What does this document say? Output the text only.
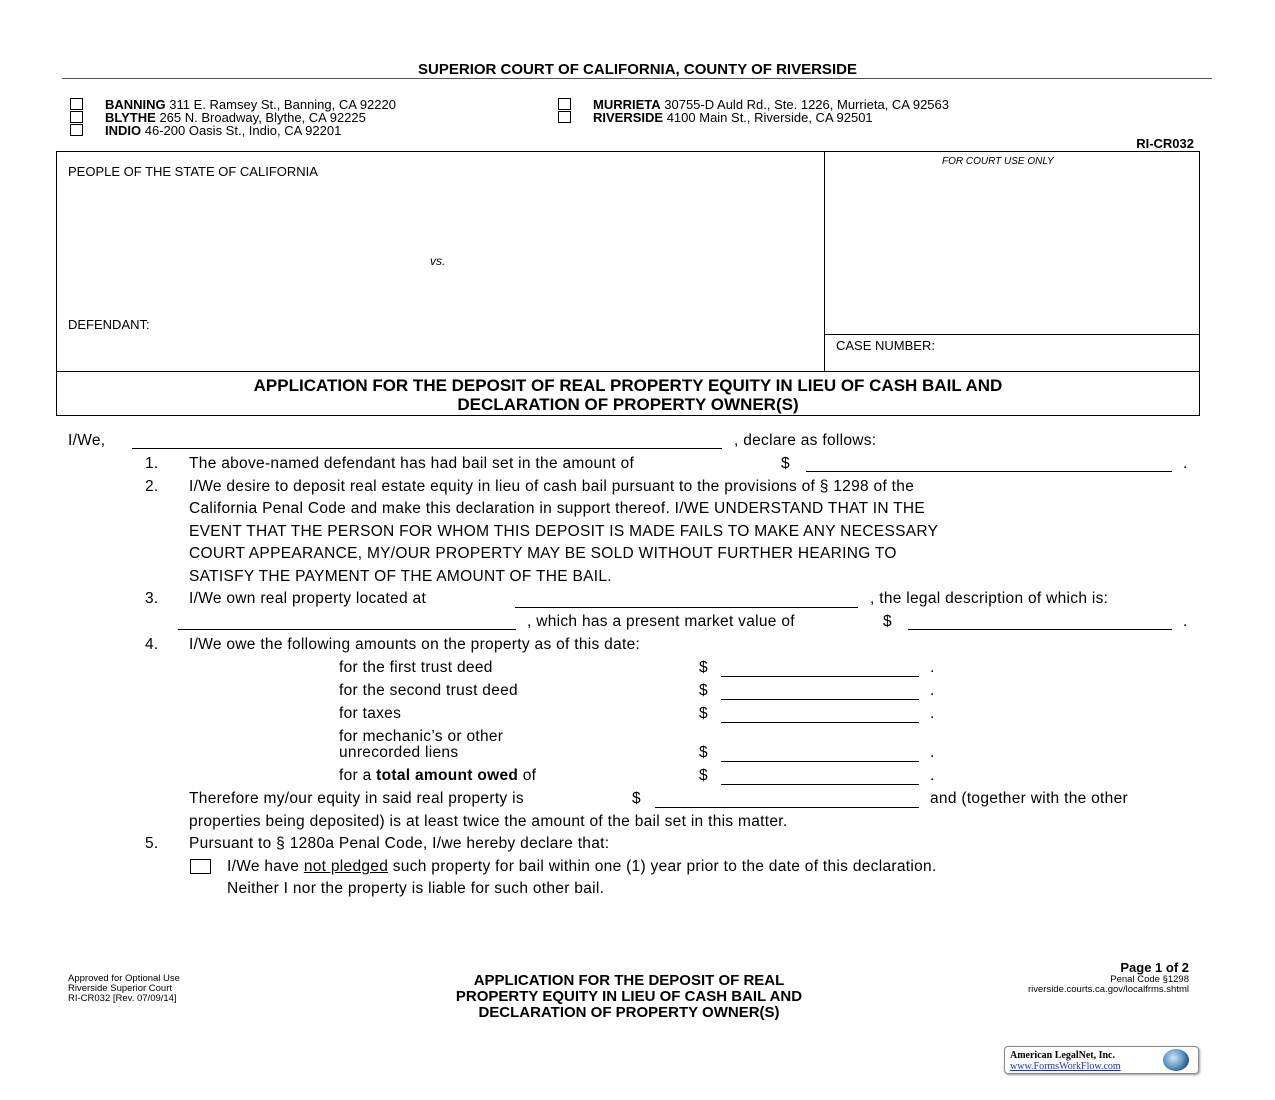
SUPERIOR COURT OF CALIFORNIA, COUNTY OF RIVERSIDE
BANNING 311 E. Ramsey St., Banning, CA 92220
BLYTHE 265 N. Broadway, Blythe, CA 92225
INDIO 46-200 Oasis St., Indio, CA 92201
MURRIETA 30755-D Auld Rd., Ste. 1226, Murrieta, CA 92563
RIVERSIDE 4100 Main St., Riverside, CA 92501
RI-CR032
PEOPLE OF THE STATE OF CALIFORNIA
vs.
DEFENDANT:
FOR COURT USE ONLY
CASE NUMBER:
APPLICATION FOR THE DEPOSIT OF REAL PROPERTY EQUITY IN LIEU OF CASH BAIL AND
DECLARATION OF PROPERTY OWNER(S)
I/We,	, declare as follows:
1. The above-named defendant has had bail set in the amount of	$	.
2. I/We desire to deposit real estate equity in lieu of cash bail pursuant to the provisions of § 1298 of the
California Penal Code and make this declaration in support thereof. I/WE UNDERSTAND THAT IN THE
EVENT THAT THE PERSON FOR WHOM THIS DEPOSIT IS MADE FAILS TO MAKE ANY NECESSARY
COURT APPEARANCE, MY/OUR PROPERTY MAY BE SOLD WITHOUT FURTHER HEARING TO
SATISFY THE PAYMENT OF THE AMOUNT OF THE BAIL.
3. I/We own real property located at	, the legal description of which is:
, which has a present market value of	$	.
4. I/We owe the following amounts on the property as of this date:
for the first trust deed	$	.
for the second trust deed	$	.
for taxes	$	.
for mechanic’s or other
unrecorded liens	$	.
for a total amount owed of	$	.
Therefore my/our equity in said real property is	$	and (together with the other
properties being deposited) is at least twice the amount of the bail set in this matter.
5. Pursuant to § 1280a Penal Code, I/we hereby declare that:
I/We have not pledged such property for bail within one (1) year prior to the date of this declaration.
Neither I nor the property is liable for such other bail.
Approved for Optional Use
Riverside Superior Court
RI-CR032 [Rev. 07/09/14]
APPLICATION FOR THE DEPOSIT OF REAL
PROPERTY EQUITY IN LIEU OF CASH BAIL AND
DECLARATION OF PROPERTY OWNER(S)
Page 1 of 2
Penal Code §1298
riverside.courts.ca.gov/localfrms.shtml
American LegalNet, Inc.
www.FormsWorkFlow.com
